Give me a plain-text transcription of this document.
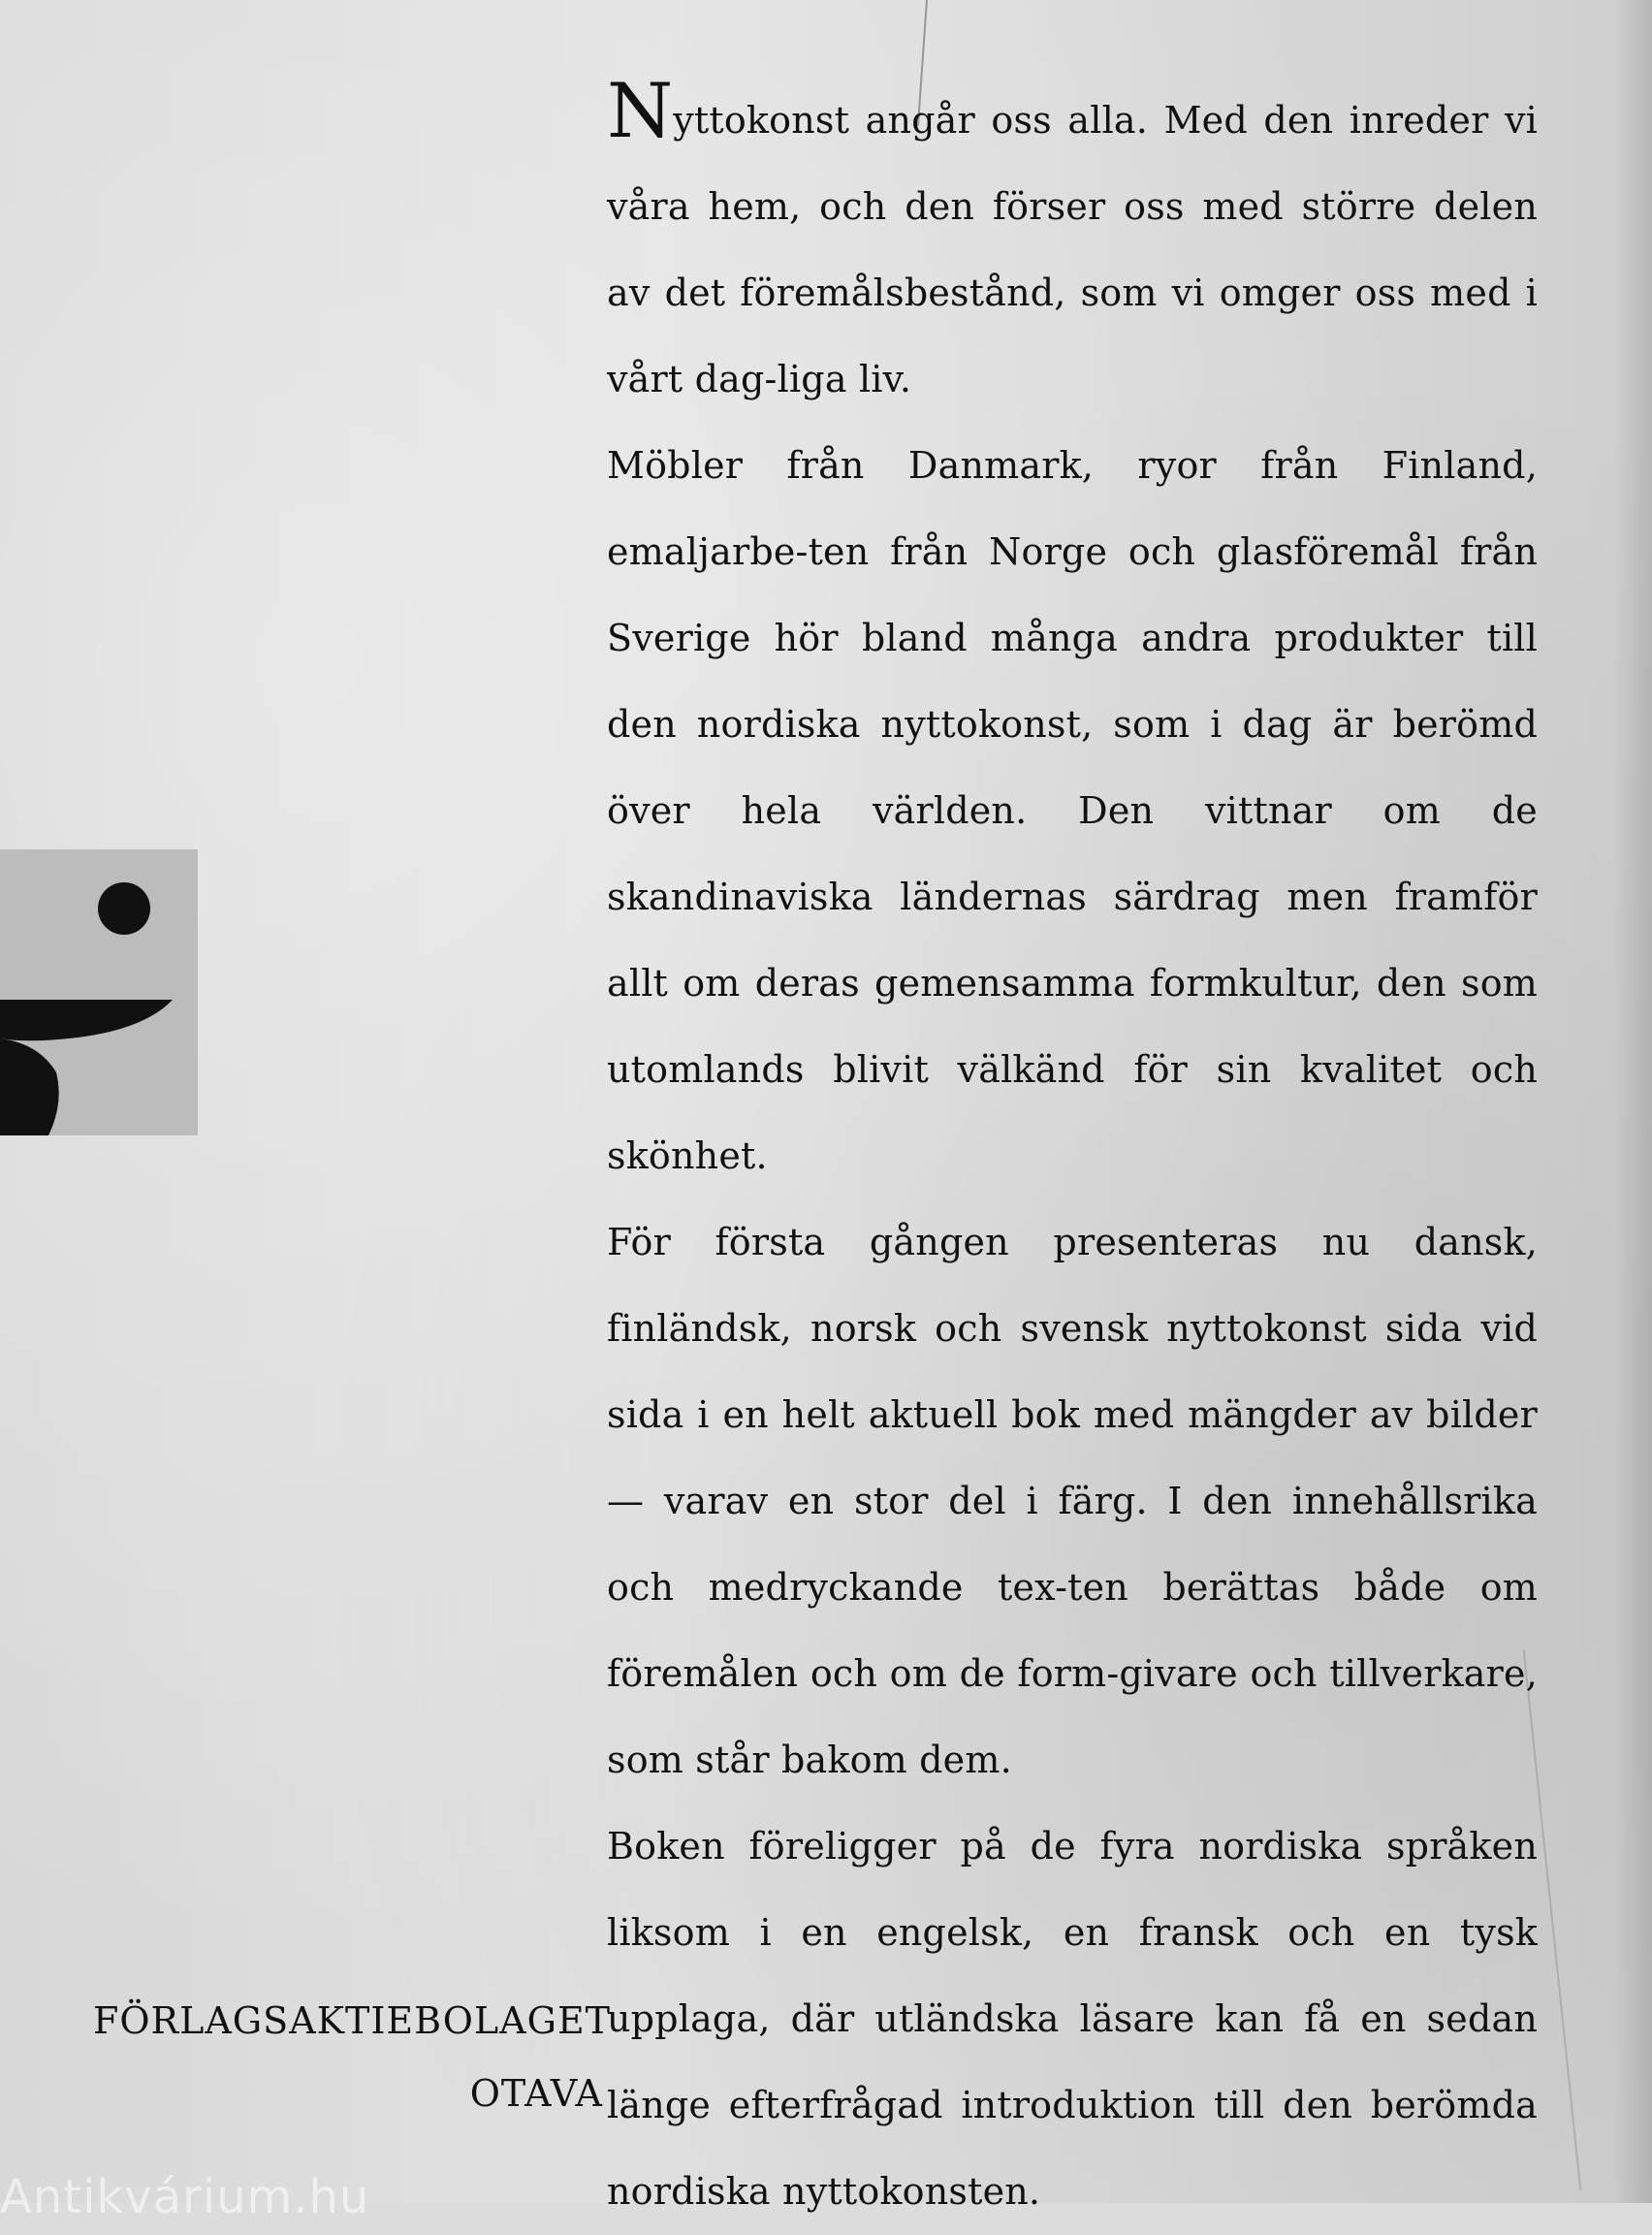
Nyttokonst angår oss alla. Med den inreder vi våra hem, och den förser oss med större delen av det föremålsbestånd, som vi omger oss med i vårt dag-liga liv.

Möbler från Danmark, ryor från Finland, emaljarbe-ten från Norge och glasföremål från Sverige hör bland många andra produkter till den nordiska nyttokonst, som i dag är berömd över hela världen. Den vittnar om de skandinaviska ländernas särdrag men framför allt om deras gemensamma formkultur, den som utomlands blivit välkänd för sin kvalitet och skönhet.

För första gången presenteras nu dansk, finländsk, norsk och svensk nyttokonst sida vid sida i en helt aktuell bok med mängder av bilder — varav en stor del i färg. I den innehållsrika och medryckande tex-ten berättas både om föremålen och om de form-givare och tillverkare, som står bakom dem.

Boken föreligger på de fyra nordiska språken liksom i en engelsk, en fransk och en tysk upplaga, där utländska läsare kan få en sedan länge efterfrågad introduktion till den berömda nordiska nyttokonsten.

FÖRLAGSAKTIEBOLAGET
OTAVA
Antikvárium.hu
